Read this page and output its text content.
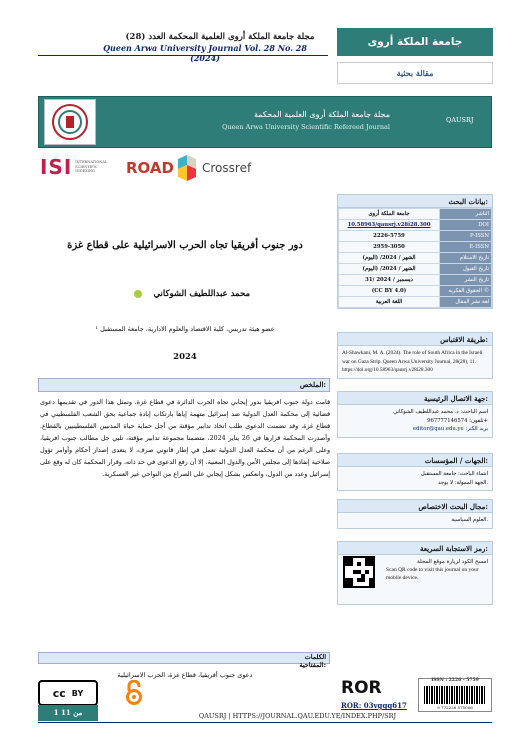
مجلة جامعة الملكة أروى العلمية المحكمة العدد (28)
Queen Arwa University Journal Vol. 28 No. 28 (2024)
جامعة الملكة أروى
مقالة بحثية
مجلة جامعة الملكة أروى العلمية المحكمة
Queen Arwa University Scientific Refereed Journal
QAUSRJ
ISI INTERNATIONAL SCIENTIFIC INDEXING	ROAD Crossref
دور جنوب أفريقيا تجاه الحرب الاسرائيلية على قطاع غزة
محمد عبداللطيف الشوكاني
¹ عضو هيئة تدريس، كلية الاقتصاد والعلوم الادارية، جامعة المستقبل
2024
الملخص:
قامت دولة جنوب افريقيا بدور إيجابي تجاه الحرب الدائرة في قطاع غزة، وتمثل هذا الدور في تقديمها دعوى قضائية إلى محكمة العدل الدولية ضد إسرائيل متهمة إياها بارتكاب إبادة جماعية بحق الشعب الفلسطيني في قطاع غزة، وقد تضمنت الدعوى طلب اتخاذ تدابير مؤقتة من أجل حماية حياة المدنيين الفلسطينيين بالقطاع. وأصدرت المحكمة قرارها في 26 يناير 2024، متضمنا مجموعة تدابير مؤقتة، تلبي جل مطالب جنوب افريقيا، وعلى الرغم من أن محكمة العدل الدولية تعمل في إطار قانوني صرف، لا يتعدى إصدار أحكام وأوامر تؤول صلاحية إنفاذها إلى مجلس الأمن والدول المعنية، إلا أن رفع الدعوى في حد ذاته، وقرار المحكمة كان له وقع على إسرائيل وعدد من الدول، وانعكس بشكل إيجابي على الصراع من النواحي غير العسكرية.
الكلمات المفتاحية:
دعوى جنوب أفريقيا، قطاع غزة، الحرب الاسرائيلية
بيانات البحث:
جامعة الملكة أروى	الناشر
10.58963/qausrj.v28i28.300	DOI
2226-5759	P-ISSN
2959-3050	E-ISSN
(اليوم) /الشهر / 2024	تاريخ الاستلام
(اليوم) /الشهر / 2024	تاريخ القبول
31/ ديسمبر / 2024	تاريخ النشر
(CC BY 4.0)	الحقوق الفكرية ©
اللغة العربية	لغة نشر المقال
طريقة الاقتباس:
Al-Shawkani, M. A. (2024). The role of South Africa in the Israeli war on Gaza Strip. Queen Arwa University Journal, 28(28), 11. https://doi.org/10.58963/qausrj.v28i28.300
جهة الاتصال الرئيسية:
اسم الباحث: د. محمد عبداللطيف الشوكاني
تلفون: 967777146574+
editor@qau.edu.ye :بريد الكتر
الجهات / المؤسسات:
انتماء الباحث: جامعة المستقبل
الجهة الممولة: لا يوجد.
مجال البحث الاختصاص:
العلوم السياسية.
رمز الاستجابة السريعة:
امسح الكود لزيارة موقع المجلة
Scan QR code to visit this journal on your mobile device.
cc BY	ROR
ROR: 03vgqq617
ISSN : 2226 - 5759
9 772226 575006
1 من 11	QAUSRJ | HTTPS://JOURNAL.QAU.EDU.YE/INDEX.PHP/SRJ
